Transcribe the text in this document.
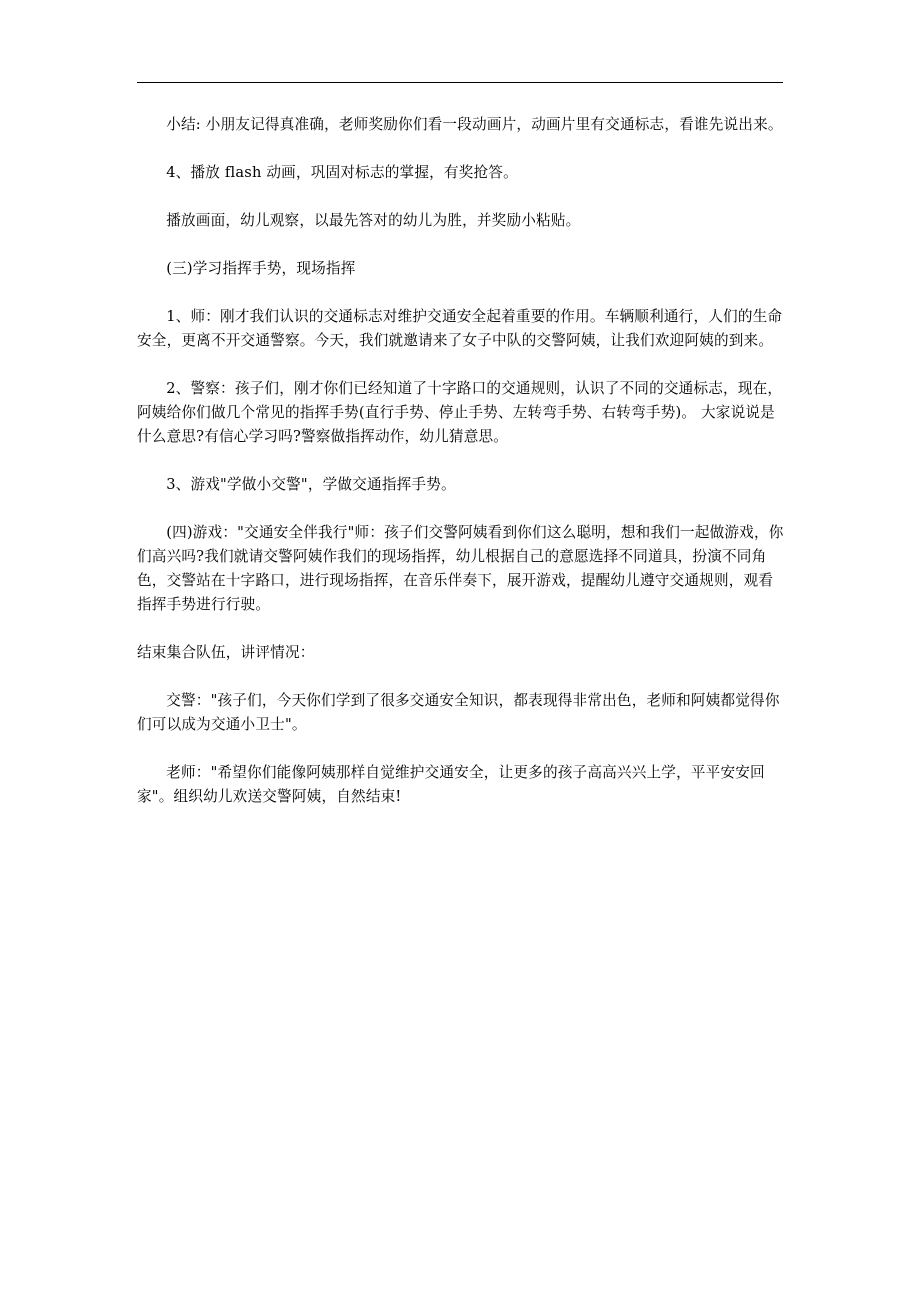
小结: 小朋友记得真准确，老师奖励你们看一段动画片，动画片里有交通标志，看谁先说出来。

4、播放 flash 动画，巩固对标志的掌握，有奖抢答。

播放画面，幼儿观察，以最先答对的幼儿为胜，并奖励小粘贴。

(三)学习指挥手势，现场指挥

1、师：刚才我们认识的交通标志对维护交通安全起着重要的作用。车辆顺利通行，人们的生命安全，更离不开交通警察。今天，我们就邀请来了女子中队的交警阿姨，让我们欢迎阿姨的到来。

2、警察：孩子们，刚才你们已经知道了十字路口的交通规则，认识了不同的交通标志，现在，阿姨给你们做几个常见的指挥手势(直行手势、停止手势、左转弯手势、右转弯手势)。 大家说说是什么意思?有信心学习吗?警察做指挥动作，幼儿猜意思。

3、游戏"学做小交警"，学做交通指挥手势。

(四)游戏："交通安全伴我行"师：孩子们交警阿姨看到你们这么聪明，想和我们一起做游戏，你们高兴吗?我们就请交警阿姨作我们的现场指挥，幼儿根据自己的意愿选择不同道具，扮演不同角色，交警站在十字路口，进行现场指挥，在音乐伴奏下，展开游戏，提醒幼儿遵守交通规则，观看指挥手势进行行驶。

结束集合队伍，讲评情况：

交警："孩子们，今天你们学到了很多交通安全知识，都表现得非常出色，老师和阿姨都觉得你们可以成为交通小卫士"。

老师："希望你们能像阿姨那样自觉维护交通安全，让更多的孩子高高兴兴上学，平平安安回家"。组织幼儿欢送交警阿姨，自然结束!
